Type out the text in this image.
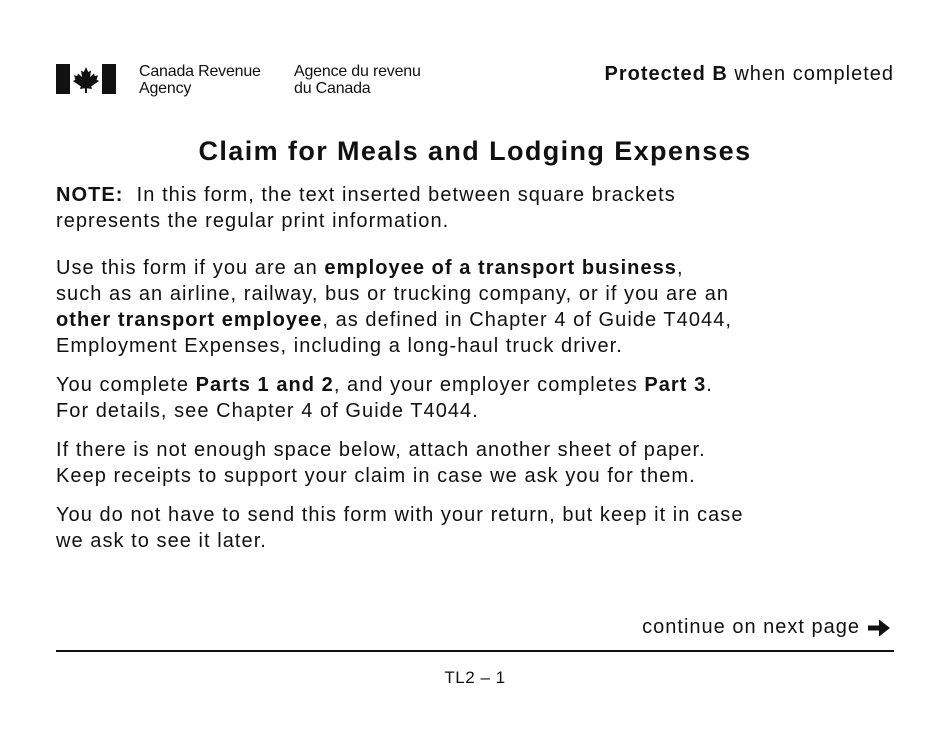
Canada Revenue
Agency
Agence du revenu
du Canada
Protected B when completed
Claim for Meals and Lodging Expenses

NOTE:  In this form, the text inserted between square brackets
represents the regular print information.

Use this form if you are an employee of a transport business,
such as an airline, railway, bus or trucking company, or if you are an
other transport employee, as defined in Chapter 4 of Guide T4044,
Employment Expenses, including a long-haul truck driver.

You complete Parts 1 and 2, and your employer completes Part 3.
For details, see Chapter 4 of Guide T4044.

If there is not enough space below, attach another sheet of paper.
Keep receipts to support your claim in case we ask you for them.

You do not have to send this form with your return, but keep it in case
we ask to see it later.

continue on next page
TL2 – 1
